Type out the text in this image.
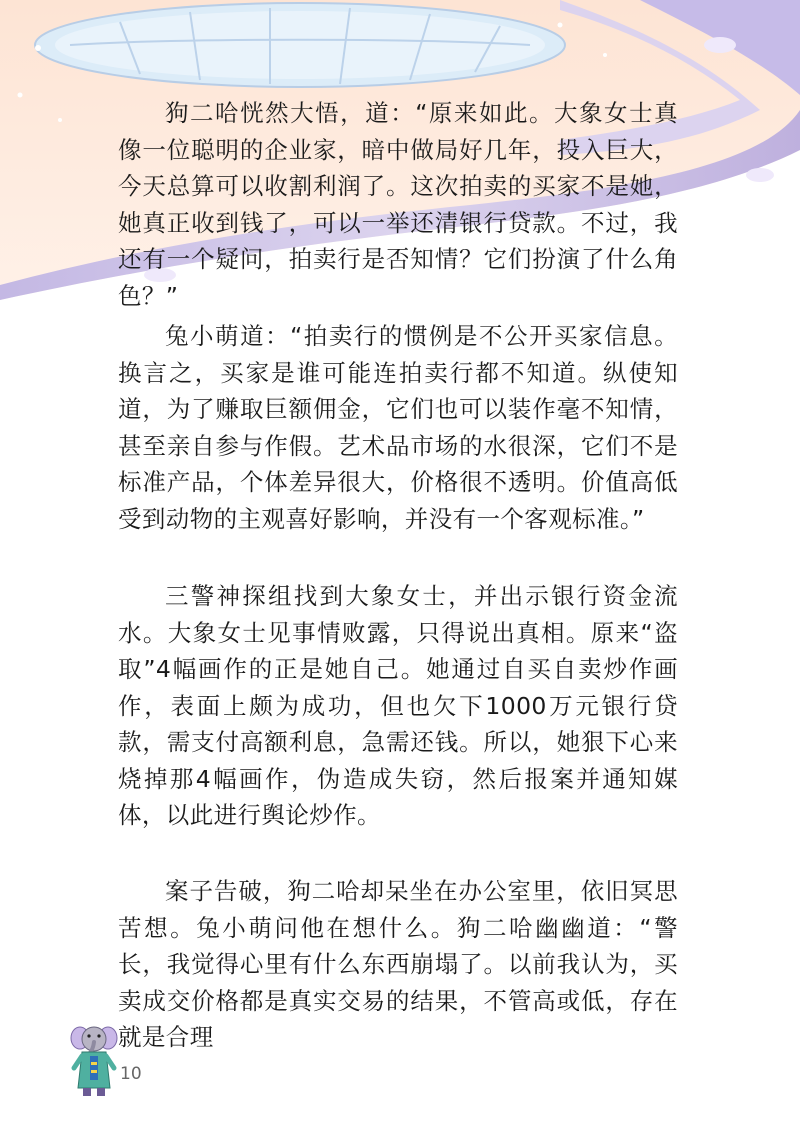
狗二哈恍然大悟，道：“原来如此。大象女士真像一位聪明的企业家，暗中做局好几年，投入巨大，今天总算可以收割利润了。这次拍卖的买家不是她，她真正收到钱了，可以一举还清银行贷款。不过，我还有一个疑问，拍卖行是否知情？它们扮演了什么角色？”

兔小萌道：“拍卖行的惯例是不公开买家信息。换言之，买家是谁可能连拍卖行都不知道。纵使知道，为了赚取巨额佣金，它们也可以装作毫不知情，甚至亲自参与作假。艺术品市场的水很深，它们不是标准产品，个体差异很大，价格很不透明。价值高低受到动物的主观喜好影响，并没有一个客观标准。”

三警神探组找到大象女士，并出示银行资金流水。大象女士见事情败露，只得说出真相。原来“盗取”4幅画作的正是她自己。她通过自买自卖炒作画作，表面上颇为成功，但也欠下1000万元银行贷款，需支付高额利息，急需还钱。所以，她狠下心来烧掉那4幅画作，伪造成失窃，然后报案并通知媒体，以此进行舆论炒作。

案子告破，狗二哈却呆坐在办公室里，依旧冥思苦想。兔小萌问他在想什么。狗二哈幽幽道：“警长，我觉得心里有什么东西崩塌了。以前我认为，买卖成交价格都是真实交易的结果，不管高或低，存在就是合理

10
